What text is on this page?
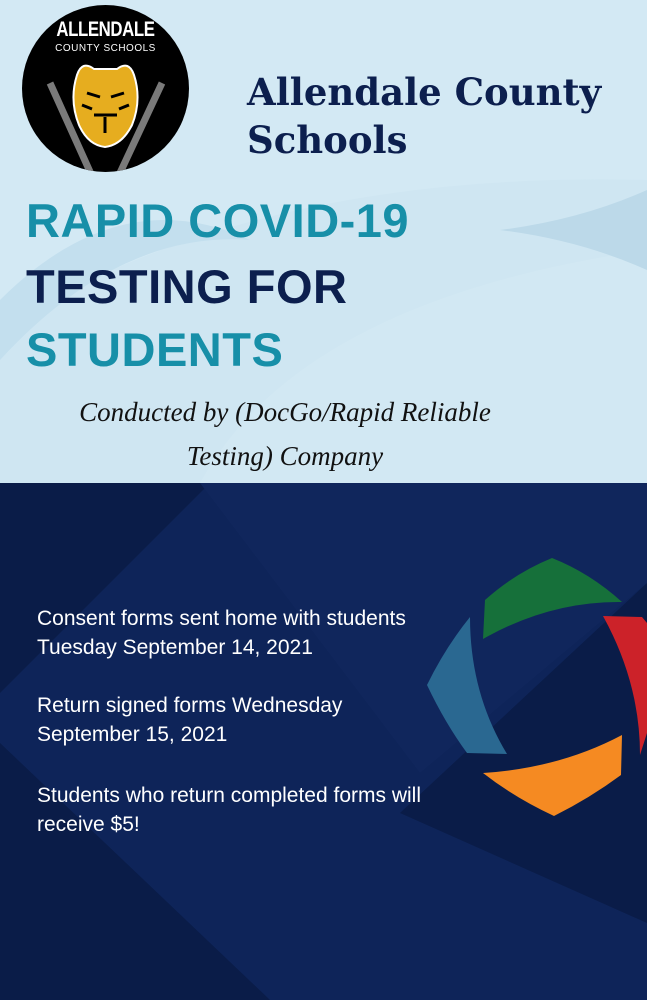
ALLENDALE
COUNTY SCHOOLS
Allendale County
Schools
RAPID COVID-19
TESTING FOR
STUDENTS
Conducted by (DocGo/Rapid Reliable
Testing) Company
Consent forms sent home with students
Tuesday September 14, 2021
Return signed forms Wednesday
September 15, 2021
Students who return completed forms will
receive $5!
